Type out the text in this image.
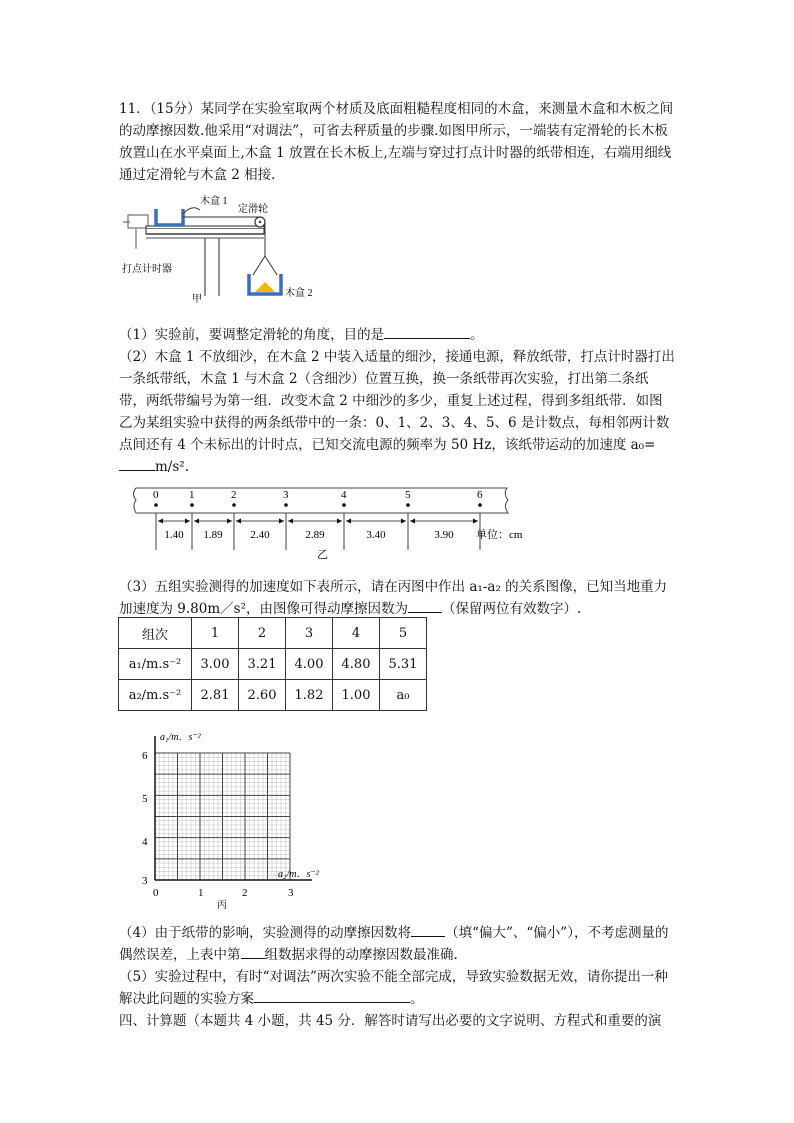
11．（15分）某同学在实验室取两个材质及底面粗糙程度相同的木盒，来测量木盒和木板之间的动摩擦因数.他采用“对调法”，可省去秤质量的步骤.如图甲所示，一端装有定滑轮的长木板放置山在水平桌面上,木盒 1 放置在长木板上,左端与穿过打点计时器的纸带相连，右端用细线通过定滑轮与木盒 2 相接．

木盒 1
定滑轮
打点计时器
木盒 2
甲

（1）实验前，要调整定滑轮的角度，目的是	。

（2）木盒 1 不放细沙，在木盒 2 中装入适量的细沙，接通电源，释放纸带，打点计时器打出一条纸带纸，木盒 1 与木盒 2（含细沙）位置互换，换一条纸带再次实验，打出第二条纸带，两纸带编号为第一组．改变木盒 2 中细沙的多少，重复上述过程，得到多组纸带．如图乙为某组实验中获得的两条纸带中的一条：0、1、2、3、4、5、6 是计数点，每相邻两计数点间还有 4 个未标出的计时点，已知交流电源的频率为 50 Hz，该纸带运动的加速度 a₀=m/s².

0	1	2	3	4	5	6
1.40 1.89	2.40	2.89	3.40	3.90 单位：cm
乙

（3）五组实验测得的加速度如下表所示，请在丙图中作出 a₁-a₂ 的关系图像，已知当地重力加速度为 9.80m／s²，由图像可得动摩擦因数为	（保留两位有效数字）.

组次	1	2	3	4	5
a₁/m.s⁻²	3.00	3.21	4.00	4.80	5.31
a₂/m.s⁻²	2.81	2.60	1.82	1.00	a₀
a₁/m．s⁻²
a₂/m．s⁻²
6
5
4
3
0	1	2	3
丙

（4）由于纸带的影响，实验测得的动摩擦因数将	（填“偏大”、“偏小”），不考虑测量的偶然误差，上表中第 组数据求得的动摩擦因数最准确.

（5）实验过程中，有时“对调法”两次实验不能全部完成，导致实验数据无效，请你提出一种解决此问题的实验方案	。

四、计算题（本题共 4 小题，共 45 分．解答时请写出必要的文字说明、方程式和重要的演
